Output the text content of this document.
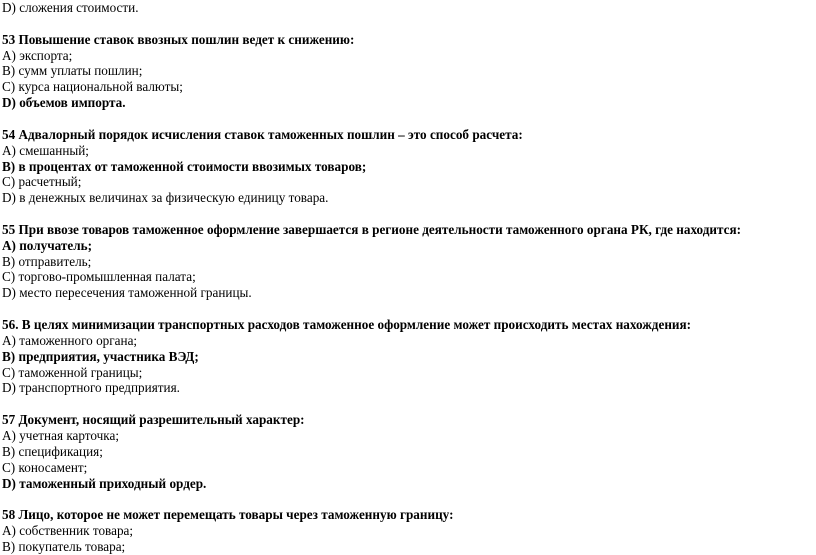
D) сложения стоимости.
53 Повышение ставок ввозных пошлин ведет к снижению:
А) экспорта;
В) сумм уплаты пошлин;
С) курса национальной валюты;
D) объемов импорта.
54 Адвалорный порядок исчисления ставок таможенных пошлин – это способ расчета:
А) смешанный;
В) в процентах от таможенной стоимости ввозимых товаров;
С) расчетный;
D) в денежных величинах за физическую единицу товара.
55 При ввозе товаров таможенное оформление завершается в регионе деятельности таможенного органа РК, где находится:
А) получатель;
В) отправитель;
С) торгово-промышленная палата;
D) место пересечения таможенной границы.
56. В целях минимизации транспортных расходов таможенное оформление может происходить местах нахождения:
А) таможенного органа;
В) предприятия, участника ВЭД;
С) таможенной границы;
D) транспортного предприятия.
57 Документ, носящий разрешительный характер:
А) учетная карточка;
В) спецификация;
С) коносамент;
D) таможенный приходный ордер.
58 Лицо, которое не может перемещать товары через таможенную границу:
А) собственник товара;
В) покупатель товара;
